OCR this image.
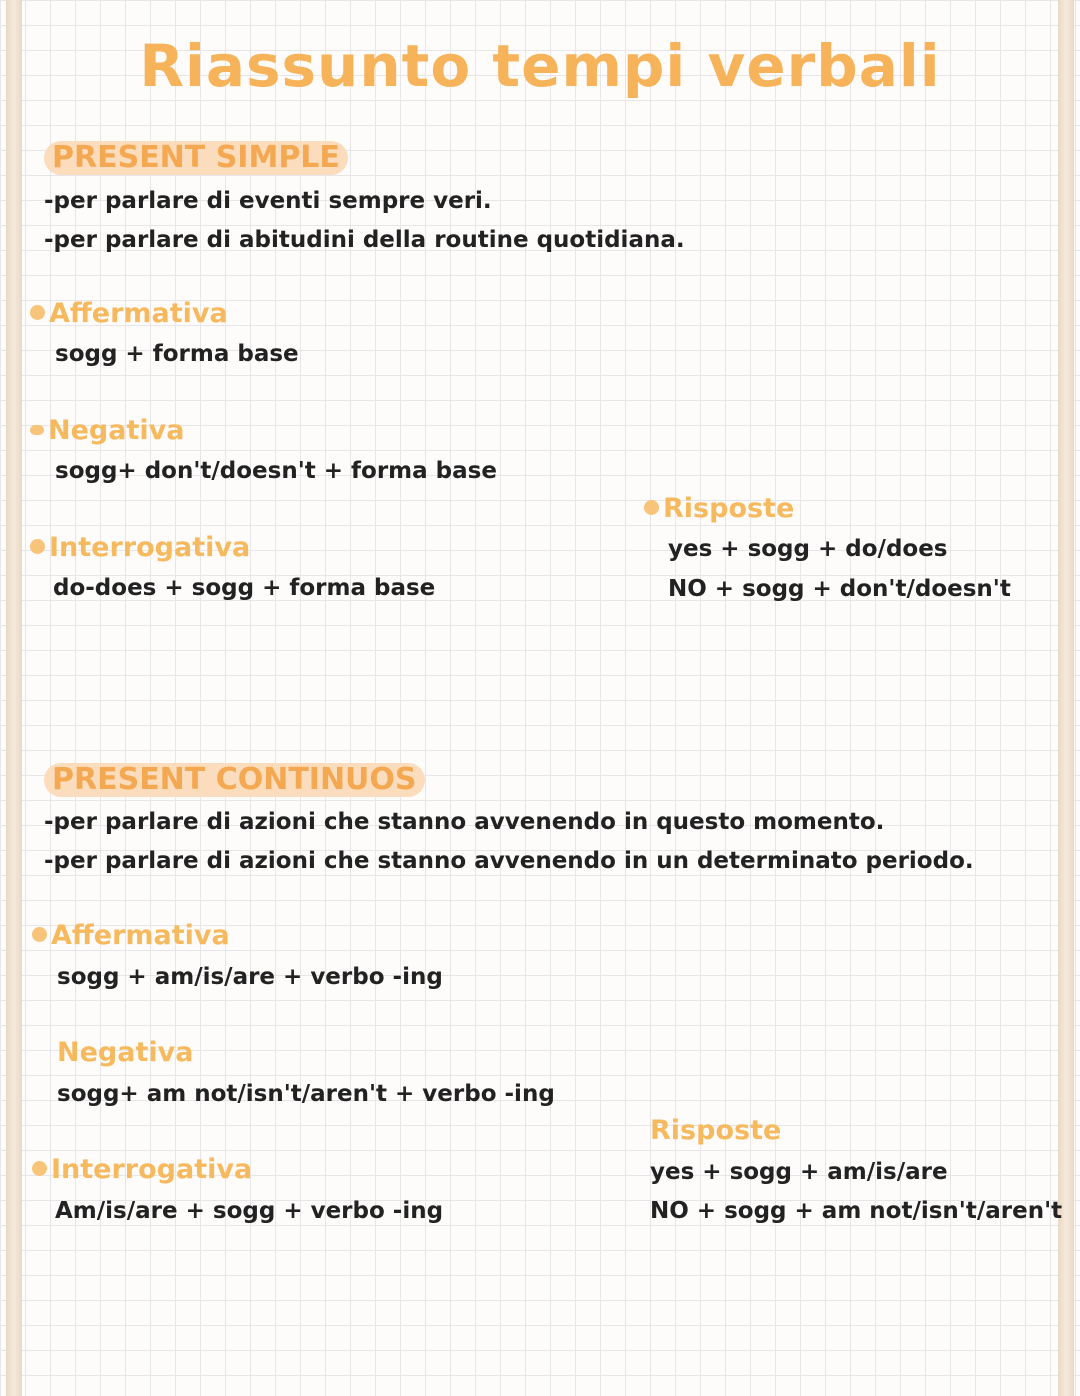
Riassunto tempi verbali
PRESENT SIMPLE
-per parlare di eventi sempre veri.
-per parlare di abitudini della routine quotidiana.
Affermativa
sogg + forma base
Negativa
sogg+ don't/doesn't + forma base
Risposte
yes + sogg + do/does
NO + sogg + don't/doesn't
Interrogativa
do-does + sogg + forma base
PRESENT CONTINUOS
-per parlare di azioni che stanno avvenendo in questo momento.
-per parlare di azioni che stanno avvenendo in un determinato periodo.
Affermativa
sogg + am/is/are + verbo -ing
Negativa
sogg+ am not/isn't/aren't + verbo -ing
Risposte
yes + sogg + am/is/are
NO + sogg + am not/isn't/aren't
Interrogativa
Am/is/are + sogg + verbo -ing
